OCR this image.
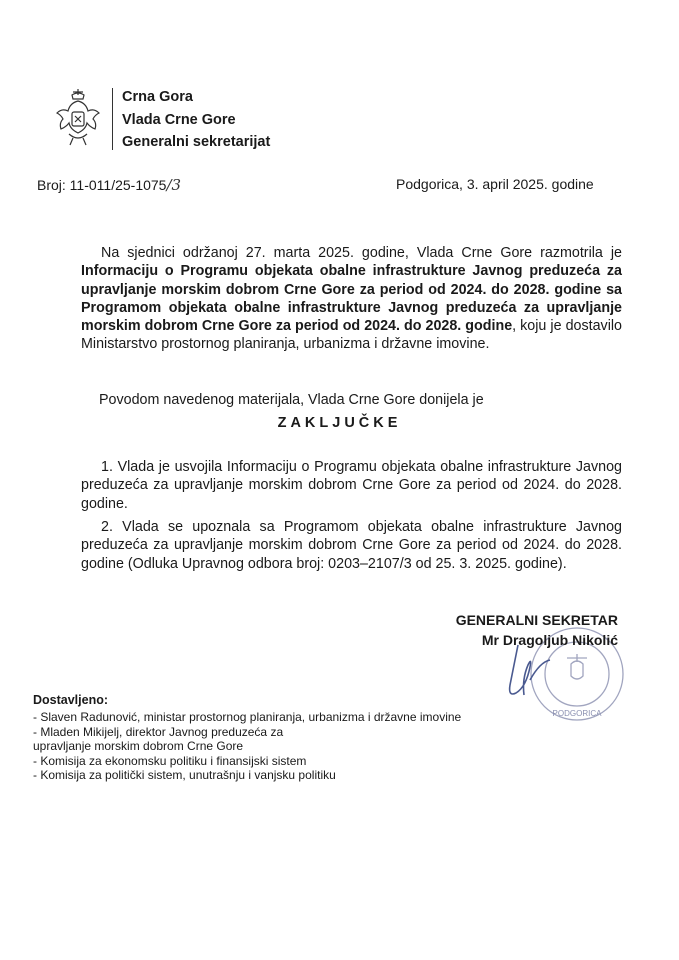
Crna Gora
Vlada Crne Gore
Generalni sekretarijat
Broj: 11-011/25-1075/3	Podgorica, 3. april 2025. godine
Na sjednici održanoj 27. marta 2025. godine, Vlada Crne Gore razmotrila je Informaciju o Programu objekata obalne infrastrukture Javnog preduzeća za upravljanje morskim dobrom Crne Gore za period od 2024. do 2028. godine sa Programom objekata obalne infrastrukture Javnog preduzeća za upravljanje morskim dobrom Crne Gore za period od 2024. do 2028. godine, koju je dostavilo Ministarstvo prostornog planiranja, urbanizma i državne imovine.
Povodom navedenog materijala, Vlada Crne Gore donijela je
ZAKLJUČKE
1. Vlada je usvojila Informaciju o Programu objekata obalne infrastrukture Javnog preduzeća za upravljanje morskim dobrom Crne Gore za period od 2024. do 2028. godine.
2. Vlada se upoznala sa Programom objekata obalne infrastrukture Javnog preduzeća za upravljanje morskim dobrom Crne Gore za period od 2024. do 2028. godine (Odluka Upravnog odbora broj: 0203–2107/3 od 25. 3. 2025. godine).
PODGORICA
GENERALNI SEKRETAR
Mr Dragoljub Nikolić
Dostavljeno:
- Slaven Radunović, ministar prostornog planiranja, urbanizma i državne imovine
- Mladen Mikijelj, direktor Javnog preduzeća za
upravljanje morskim dobrom Crne Gore
- Komisija za ekonomsku politiku i finansijski sistem
- Komisija za politički sistem, unutrašnju i vanjsku politiku
